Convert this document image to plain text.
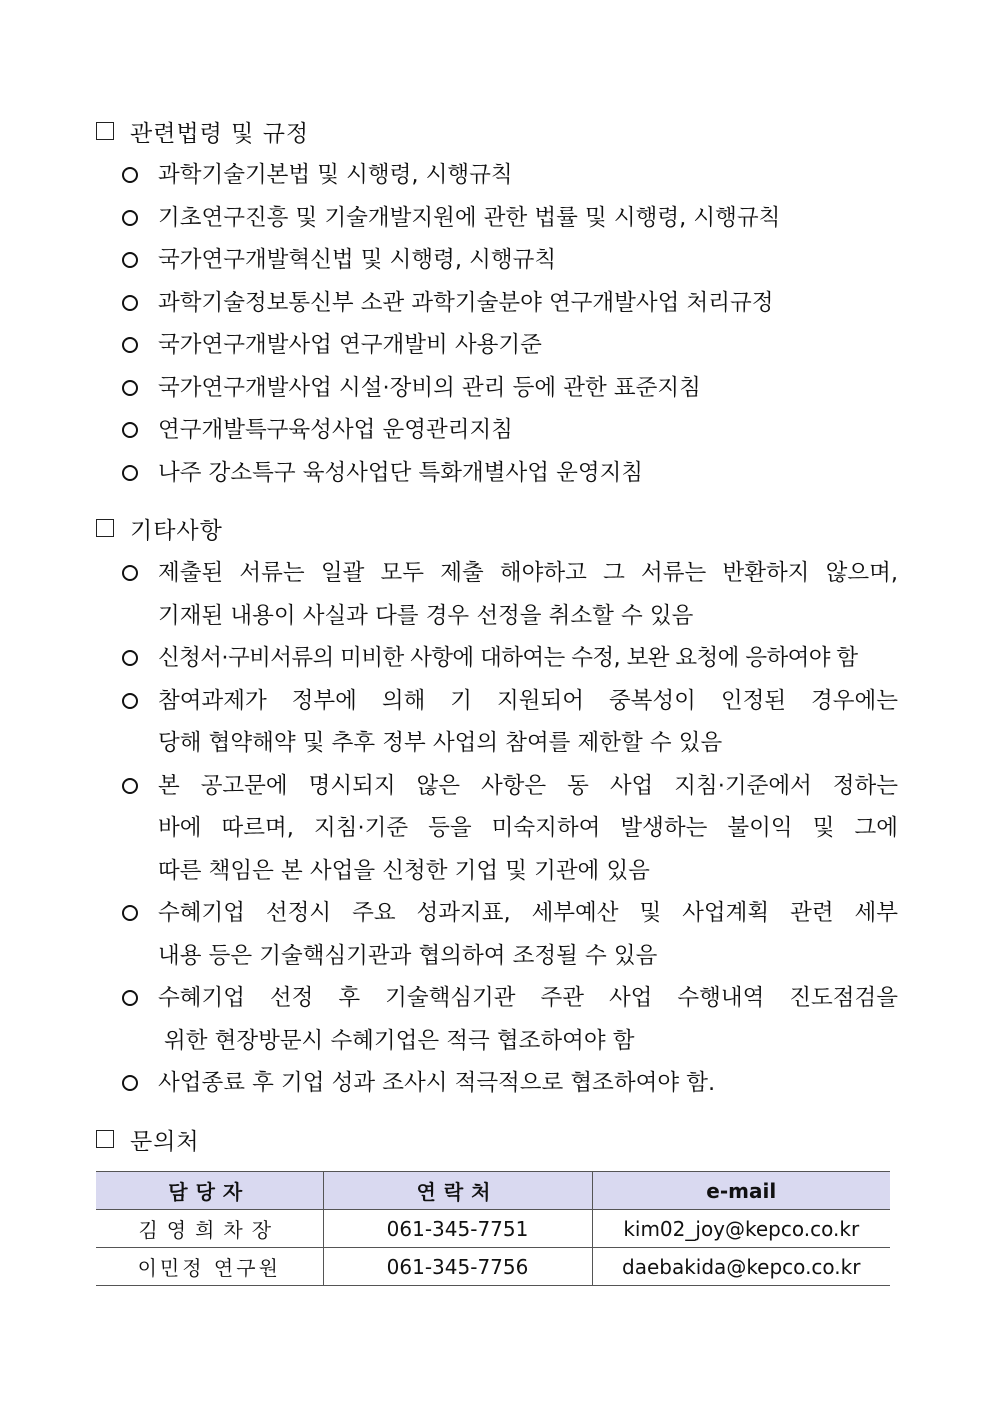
관련법령 및 규정
과학기술기본법 및 시행령, 시행규칙
기초연구진흥 및 기술개발지원에 관한 법률 및 시행령, 시행규칙
국가연구개발혁신법 및 시행령, 시행규칙
과학기술정보통신부 소관 과학기술분야 연구개발사업 처리규정
국가연구개발사업 연구개발비 사용기준
국가연구개발사업 시설·장비의 관리 등에 관한 표준지침
연구개발특구육성사업 운영관리지침
나주 강소특구 육성사업단 특화개별사업 운영지침
기타사항
제출된 서류는 일괄 모두 제출 해야하고 그 서류는 반환하지 않으며,
기재된 내용이 사실과 다를 경우 선정을 취소할 수 있음
신청서·구비서류의 미비한 사항에 대하여는 수정, 보완 요청에 응하여야 함
참여과제가 정부에 의해 기 지원되어 중복성이 인정된 경우에는
당해 협약해약 및 추후 정부 사업의 참여를 제한할 수 있음
본 공고문에 명시되지 않은 사항은 동 사업 지침·기준에서 정하는
바에 따르며, 지침·기준 등을 미숙지하여 발생하는 불이익 및 그에
따른 책임은 본 사업을 신청한 기업 및 기관에 있음
수혜기업 선정시 주요 성과지표, 세부예산 및 사업계획 관련 세부
내용 등은 기술핵심기관과 협의하여 조정될 수 있음
수혜기업 선정 후 기술핵심기관 주관 사업 수행내역 진도점검을
위한 현장방문시 수혜기업은 적극 협조하여야 함
사업종료 후 기업 성과 조사시 적극적으로 협조하여야 함.
문의처
담당자	연락처	e-mail
김영희차장	061-345-7751	kim02_joy@kepco.co.kr
이민정 연구원	061-345-7756	daebakida@kepco.co.kr
